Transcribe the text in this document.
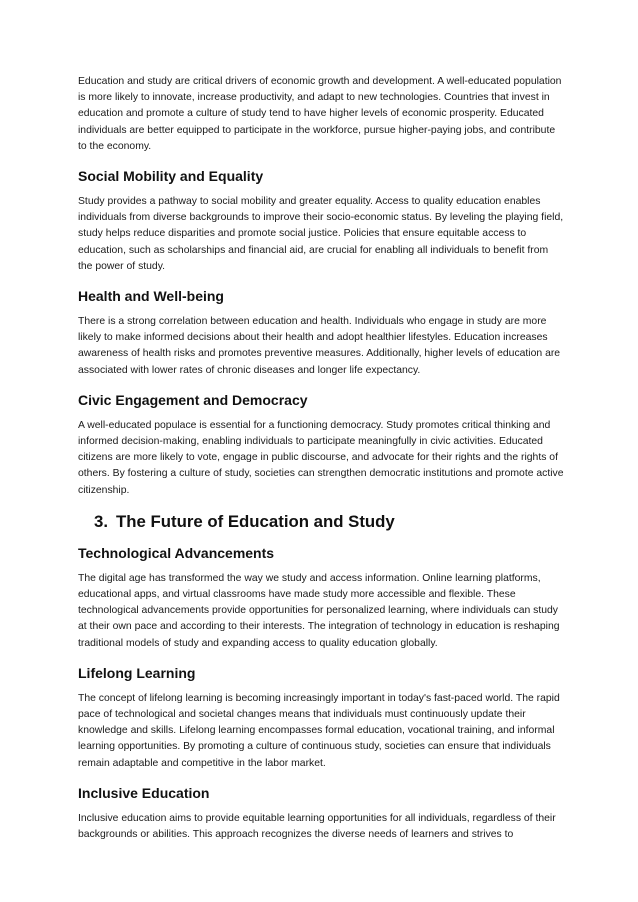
Education and study are critical drivers of economic growth and development. A well-educated population is more likely to innovate, increase productivity, and adapt to new technologies. Countries that invest in education and promote a culture of study tend to have higher levels of economic prosperity. Educated individuals are better equipped to participate in the workforce, pursue higher-paying jobs, and contribute to the economy.

Social Mobility and Equality

Study provides a pathway to social mobility and greater equality. Access to quality education enables individuals from diverse backgrounds to improve their socio-economic status. By leveling the playing field, study helps reduce disparities and promote social justice. Policies that ensure equitable access to education, such as scholarships and financial aid, are crucial for enabling all individuals to benefit from the power of study.

Health and Well-being

There is a strong correlation between education and health. Individuals who engage in study are more likely to make informed decisions about their health and adopt healthier lifestyles. Education increases awareness of health risks and promotes preventive measures. Additionally, higher levels of education are associated with lower rates of chronic diseases and longer life expectancy.

Civic Engagement and Democracy

A well-educated populace is essential for a functioning democracy. Study promotes critical thinking and informed decision-making, enabling individuals to participate meaningfully in civic activities. Educated citizens are more likely to vote, engage in public discourse, and advocate for their rights and the rights of others. By fostering a culture of study, societies can strengthen democratic institutions and promote active citizenship.

3. The Future of Education and Study
Technological Advancements

The digital age has transformed the way we study and access information. Online learning platforms, educational apps, and virtual classrooms have made study more accessible and flexible. These technological advancements provide opportunities for personalized learning, where individuals can study at their own pace and according to their interests. The integration of technology in education is reshaping traditional models of study and expanding access to quality education globally.

Lifelong Learning

The concept of lifelong learning is becoming increasingly important in today's fast-paced world. The rapid pace of technological and societal changes means that individuals must continuously update their knowledge and skills. Lifelong learning encompasses formal education, vocational training, and informal learning opportunities. By promoting a culture of continuous study, societies can ensure that individuals remain adaptable and competitive in the labor market.

Inclusive Education

Inclusive education aims to provide equitable learning opportunities for all individuals, regardless of their backgrounds or abilities. This approach recognizes the diverse needs of learners and strives to
